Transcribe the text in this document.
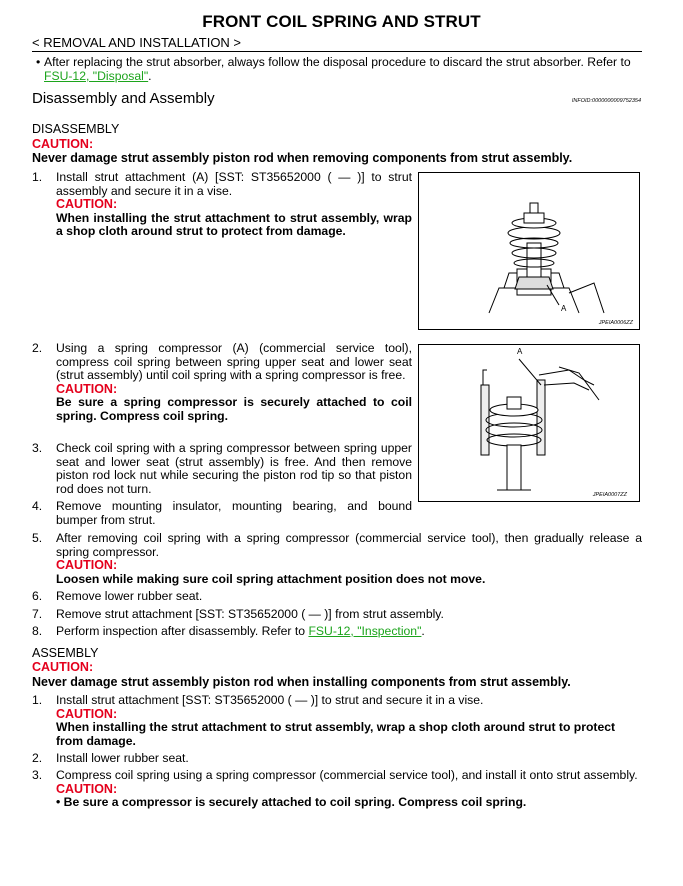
FRONT COIL SPRING AND STRUT
< REMOVAL AND INSTALLATION >
• After replacing the strut absorber, always follow the disposal procedure to discard the strut absorber. Refer to FSU-12, "Disposal".
Disassembly and Assembly	INFOID:0000000009752354
DISASSEMBLY
CAUTION:
Never damage strut assembly piston rod when removing components from strut assembly.
1. Install strut attachment (A) [SST: ST35652000 ( — )] to strut assembly and secure it in a vise.
CAUTION:
When installing the strut attachment to strut assembly, wrap a shop cloth around strut to protect from damage.
A
JPEIA0006ZZ
2. Using a spring compressor (A) (commercial service tool), compress coil spring between spring upper seat and lower seat (strut assembly) until coil spring with a spring compressor is free.
CAUTION:
Be sure a spring compressor is securely attached to coil spring. Compress coil spring.
A
JPEIA0007ZZ
3. Check coil spring with a spring compressor between spring upper seat and lower seat (strut assembly) is free. And then remove piston rod lock nut while securing the piston rod tip so that piston rod does not turn.
4. Remove mounting insulator, mounting bearing, and bound bumper from strut.
5. After removing coil spring with a spring compressor (commercial service tool), then gradually release a spring compressor.
CAUTION:
Loosen while making sure coil spring attachment position does not move.
6. Remove lower rubber seat.
7. Remove strut attachment [SST: ST35652000 ( — )] from strut assembly.
8. Perform inspection after disassembly. Refer to FSU-12, "Inspection".
ASSEMBLY
CAUTION:
Never damage strut assembly piston rod when installing components from strut assembly.
1. Install strut attachment [SST: ST35652000 ( — )] to strut and secure it in a vise.
CAUTION:
When installing the strut attachment to strut assembly, wrap a shop cloth around strut to protect from damage.
2. Install lower rubber seat.
3. Compress coil spring using a spring compressor (commercial service tool), and install it onto strut assembly.
CAUTION:
• Be sure a compressor is securely attached to coil spring. Compress coil spring.
